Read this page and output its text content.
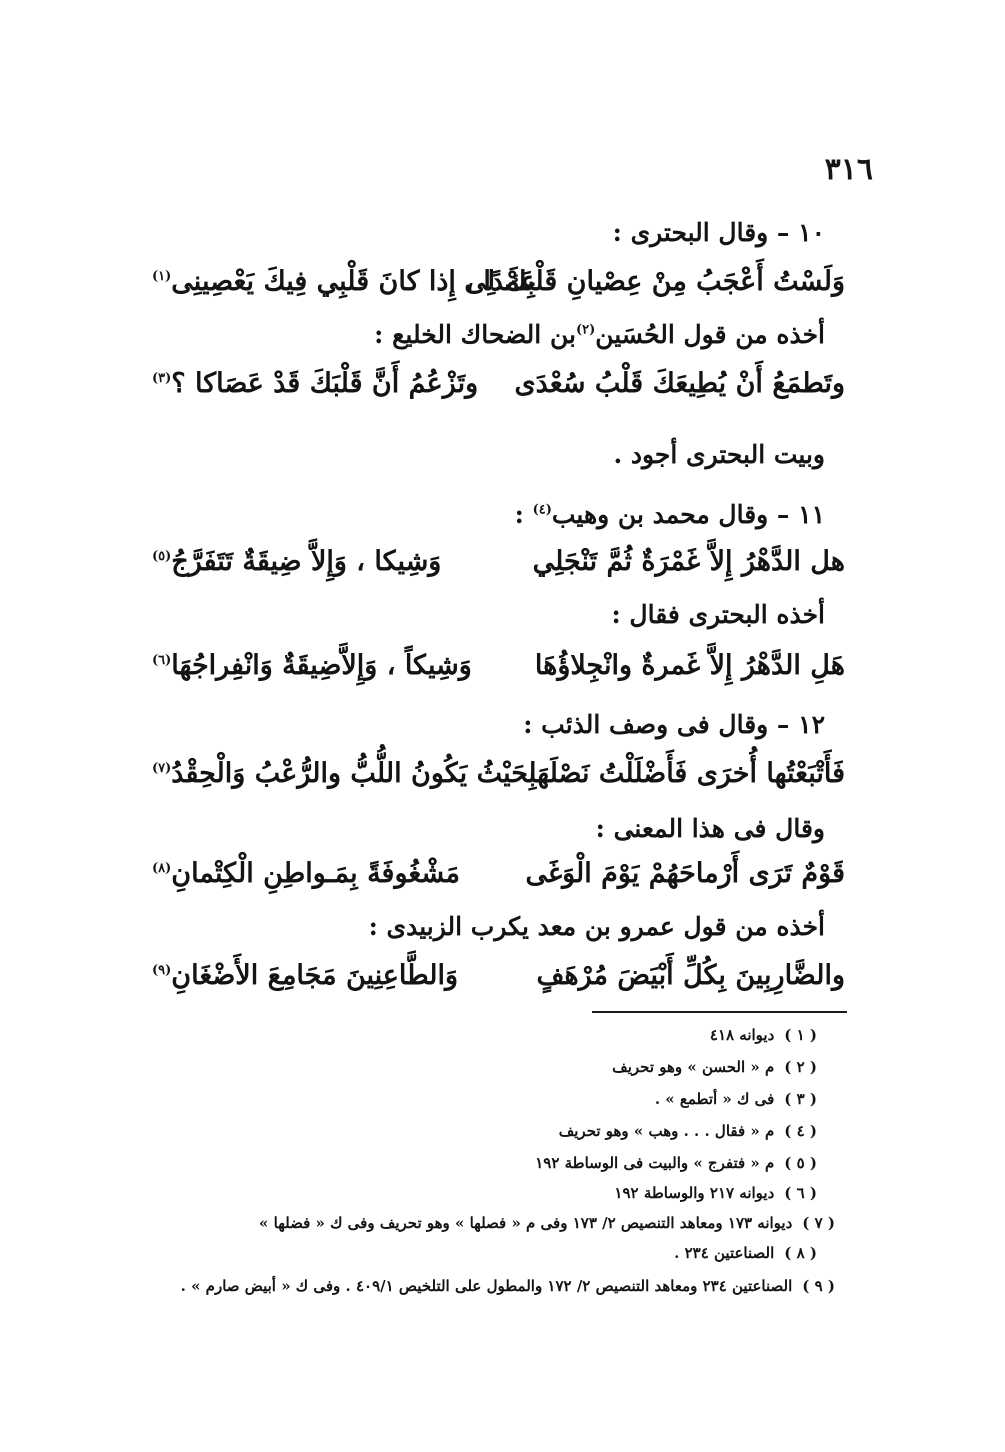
٣١٦
١٠ – وقال البحترى :
وَلَسْتُ أَعْجَبُ مِنْ عِصْيانِ قَلْبِكَ لِى
عَمْدًا ، إِذا كانَ قَلْبِي فِيكَ يَعْصِينِى$^{(١)}$
أخذه من قول الحُسَين$^{(٢)}$بن الضحاك الخليع :
وتَطمَعُ أَنْ يُطِيعَكَ قَلْبُ سُعْدَى
وتَزْعُمُ أَنَّ قَلْبَكَ قَدْ عَصَاكا ؟$^{(٣)}$
وبيت البحترى أجود .
١١ – وقال محمد بن وهيب$^{(٤)}$ :
هل الدَّهْرُ إِلاَّ غَمْرَةٌ ثُمَّ تَنْجَلِي
وَشِيكا ، وَإِلاَّ ضِيقَةٌ تَتَفَرَّجُ$^{(٥)}$
أخذه البحترى فقال :
هَلِ الدَّهْرُ إِلاَّ غَمرةٌ وانْجِلاؤُهَا
وَشِيكاً ، وَإِلاَّضِيقَةٌ وَانْفِراجُهَا$^{(٦)}$
١٢ – وقال فى وصف الذئب :
فَأَتْبَعْتُها أُخرَى فَأَضْلَلْتُ نَصْلَهَا
بِحَيْثُ يَكُونُ اللُّبُّ والرُّعْبُ وَالْحِقْدُ$^{(٧)}$
وقال فى هذا المعنى :
قَوْمٌ تَرَى أَرْماحَهُمْ يَوْمَ الْوَغَى
مَشْغُوفَةً بِمَـواطِنِ الْكِتْمانِ$^{(٨)}$
أخذه من قول عمرو بن معد يكرب الزبيدى :
والضَّارِبِينَ بِكُلِّ أَبْيَضَ مُرْهَفٍ
وَالطَّاعِنِينَ مَجَامِعَ الأَضْغَانِ$^{(٩)}$
( ١ )ديوانه ٤١٨
( ٢ )م « الحسن » وهو تحريف
( ٣ )فى ك « أتطمع » .
( ٤ )م « فقال . . . وهب » وهو تحريف
( ٥ )م « فتفرج » والبيت فى الوساطة ١٩٢
( ٦ )ديوانه ٢١٧ والوساطة ١٩٢
( ٧ )ديوانه ١٧٣ ومعاهد التنصيص ٢/ ١٧٣ وفى م « فصلها » وهو تحريف وفى ك « فضلها »
( ٨ )الصناعتين ٢٣٤ .
( ٩ )الصناعتين ٢٣٤ ومعاهد التنصيص ٢/ ١٧٢ والمطول على التلخيص ٤٠٩/١ . وفى ك « أبيض صارم » .
